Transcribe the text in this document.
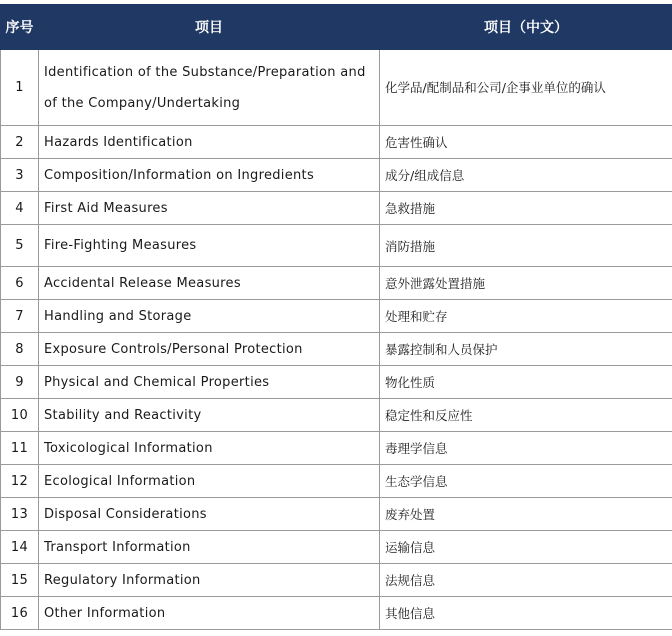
序号	项目	项目（中文）
1	Identification of the Substance/Preparation and of the Company/Undertaking	化学品/配制品和公司/企事业单位的确认
2	Hazards Identification	危害性确认
3	Composition/Information on Ingredients	成分/组成信息
4	First Aid Measures	急救措施
5	Fire-Fighting Measures	消防措施
6	Accidental Release Measures	意外泄露处置措施
7	Handling and Storage	处理和贮存
8	Exposure Controls/Personal Protection	暴露控制和人员保护
9	Physical and Chemical Properties	物化性质
10	Stability and Reactivity	稳定性和反应性
11	Toxicological Information	毒理学信息
12	Ecological Information	生态学信息
13	Disposal Considerations	废弃处置
14	Transport Information	运输信息
15	Regulatory Information	法规信息
16	Other Information	其他信息
